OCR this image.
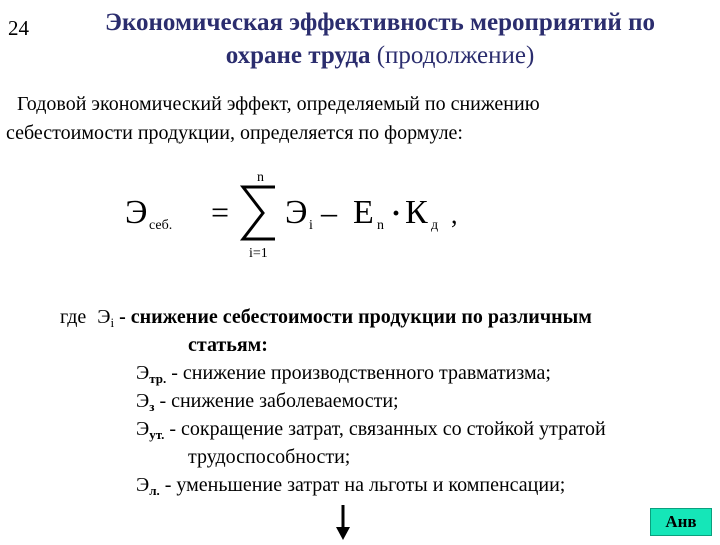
24	Экономическая эффективность мероприятий по
охране труда (продолжение)
Годовой экономический эффект, определяемый по снижению
себестоимости продукции, определяется по формуле:
Э себ. =
n
i=1
Э i – Е n · К д ,
где $Э_i$ - снижение себестоимости продукции по различным
статьям:
$Э_{тр.}$ - снижение производственного травматизма;
$Э_з$ - снижение заболеваемости;
$Э_{ут.}$ - сокращение затрат, связанных со стойкой утратой
трудоспособности;
$Э_{л.}$ - уменьшение затрат на льготы и компенсации;
Анв
